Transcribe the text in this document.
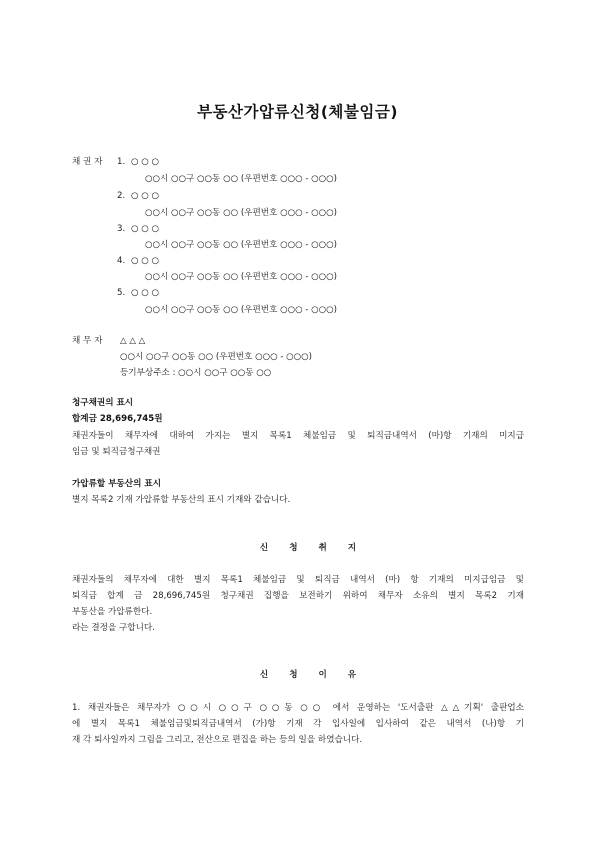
부동산가압류신청(체불임금)
채 권 자 1. ○ ○ ○
○○시 ○○구 ○○동 ○○ (우편번호 ○○○ - ○○○)
2. ○ ○ ○
○○시 ○○구 ○○동 ○○ (우편번호 ○○○ - ○○○)
3. ○ ○ ○
○○시 ○○구 ○○동 ○○ (우편번호 ○○○ - ○○○)
4. ○ ○ ○
○○시 ○○구 ○○동 ○○ (우편번호 ○○○ - ○○○)
5. ○ ○ ○
○○시 ○○구 ○○동 ○○ (우편번호 ○○○ - ○○○)
채 무 자 △ △ △
○○시 ○○구 ○○동 ○○ (우편번호 ○○○ - ○○○)
등기부상주소 : ○○시 ○○구 ○○동 ○○
청구채권의 표시
합계금 28,696,745원
채권자들이 채무자에 대하여 가지는 별지 목록1 체불임금 및 퇴직금내역서 (마)항 기재의 미지급
임금 및 퇴직금청구채권
가압류할 부동산의 표시
별지 목록2 기재 가압류할 부동산의 표시 기재와 같습니다.
신청취지
채권자들의 채무자에 대한 별지 목록1 체불임금 및 퇴직금 내역서 (마) 항 기재의 미지급임금 및
퇴직금 합계 금 28,696,745원 청구채권 집행을 보전하기 위하여 채무자 소유의 별지 목록2 기재
부동산을 가압류한다.
라는 결정을 구합니다.
신청이유
1. 채권자들은 채무자가 ○○시 ○○구 ○○동 ○○ 에서 운영하는 '도서출판 △△기획' 출판업소
에 별지 목록1 체불임금및퇴직금내역서 (가)항 기재 각 입사일에 입사하여 같은 내역서 (나)항 기
재 각 퇴사일까지 그림을 그리고, 전산으로 편집을 하는 등의 일을 하였습니다.
